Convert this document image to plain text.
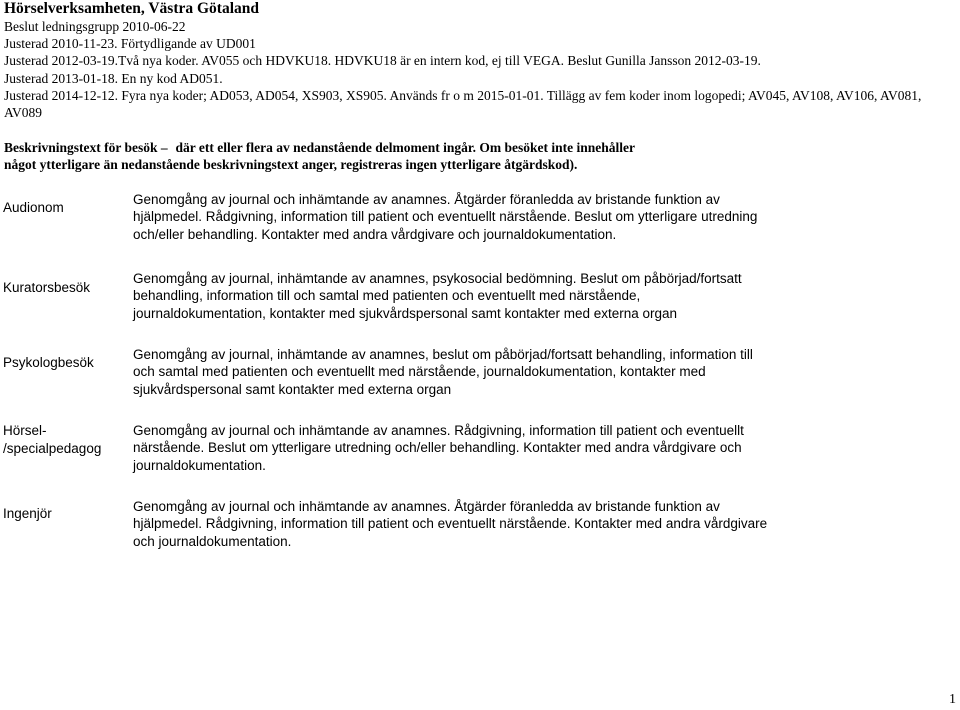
Hörselverksamheten, Västra Götaland
Beslut ledningsgrupp 2010-06-22
Justerad 2010-11-23. Förtydligande av UD001
Justerad 2012-03-19.Två nya koder. AV055 och HDVKU18. HDVKU18 är en intern kod, ej till VEGA. Beslut Gunilla Jansson 2012-03-19.
Justerad 2013-01-18. En ny kod AD051.
Justerad 2014-12-12. Fyra nya koder; AD053, AD054, XS903, XS905. Används fr o m 2015-01-01. Tillägg av fem koder inom logopedi; AV045, AV108, AV106, AV081,
AV089
Beskrivningstext för besök – där ett eller flera av nedanstående delmoment ingår. Om besöket inte innehåller
något ytterligare än nedanstående beskrivningstext anger, registreras ingen ytterligare åtgärdskod).
Audionom
Genomgång av journal och inhämtande av anamnes. Åtgärder föranledda av bristande funktion av
hjälpmedel. Rådgivning, information till patient och eventuellt närstående. Beslut om ytterligare utredning
och/eller behandling. Kontakter med andra vårdgivare och journaldokumentation.
Kuratorsbesök
Genomgång av journal, inhämtande av anamnes, psykosocial bedömning. Beslut om påbörjad/fortsatt
behandling, information till och samtal med patienten och eventuellt med närstående,
journaldokumentation, kontakter med sjukvårdspersonal samt kontakter med externa organ
Psykologbesök
Genomgång av journal, inhämtande av anamnes, beslut om påbörjad/fortsatt behandling, information till
och samtal med patienten och eventuellt med närstående, journaldokumentation, kontakter med
sjukvårdspersonal samt kontakter med externa organ
Hörsel-
/specialpedagog
Genomgång av journal och inhämtande av anamnes. Rådgivning, information till patient och eventuellt
närstående. Beslut om ytterligare utredning och/eller behandling. Kontakter med andra vårdgivare och
journaldokumentation.
Ingenjör	Genomgång av journal och inhämtande av anamnes. Åtgärder föranledda av bristande funktion av
hjälpmedel. Rådgivning, information till patient och eventuellt närstående. Kontakter med andra vårdgivare
och journaldokumentation.
1
